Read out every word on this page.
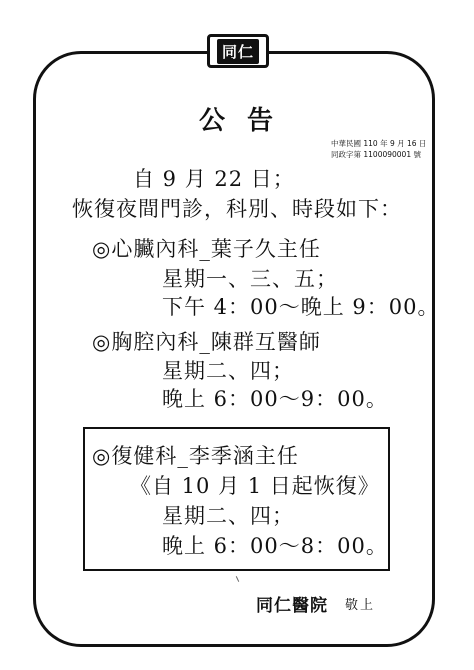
同仁
公告
中華民國 110 年 9 月 16 日
同政字第 1100090001 號
自 9 月 22 日；
恢復夜間門診，科別、時段如下：
◎心臟內科_葉子久主任
星期一、三、五；
下午 4：00～晚上 9：00。
◎胸腔內科_陳群互醫師
星期二、四；
晚上 6：00～9：00。
◎復健科_李季涵主任
《自 10 月 1 日起恢復》
星期二、四；
晚上 6：00～8：00。
同仁醫院 敬上
